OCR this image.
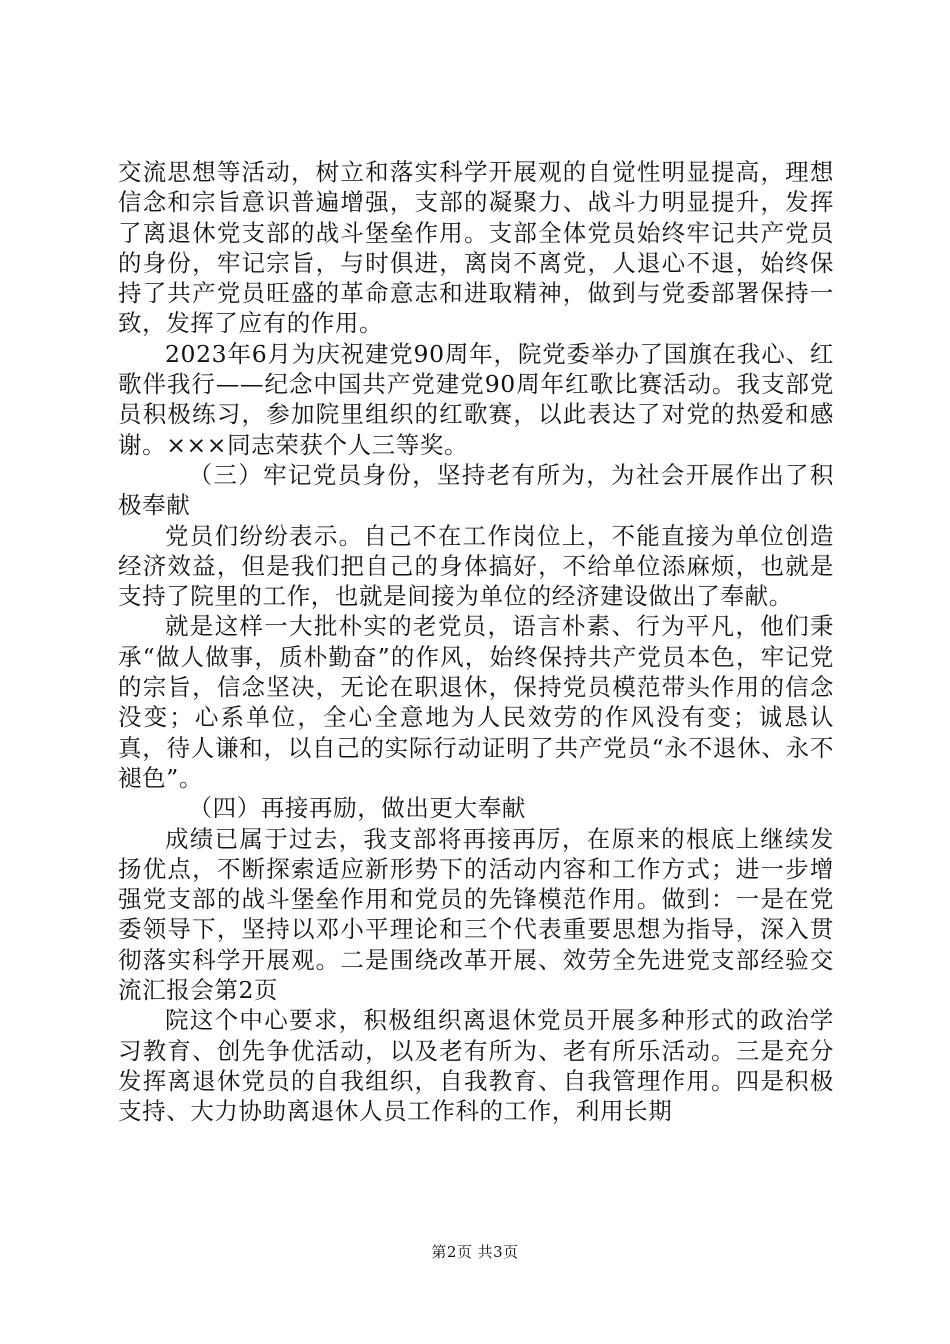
交流思想等活动，树立和落实科学开展观的自觉性明显提高，理想信念和宗旨意识普遍增强，支部的凝聚力、战斗力明显提升，发挥了离退休党支部的战斗堡垒作用。支部全体党员始终牢记共产党员的身份，牢记宗旨，与时俱进，离岗不离党，人退心不退，始终保持了共产党员旺盛的革命意志和进取精神，做到与党委部署保持一致，发挥了应有的作用。

2023年6月为庆祝建党90周年，院党委举办了国旗在我心、红歌伴我行——纪念中国共产党建党90周年红歌比赛活动。我支部党员积极练习，参加院里组织的红歌赛，以此表达了对党的热爱和感谢。×××同志荣获个人三等奖。

（三）牢记党员身份，坚持老有所为，为社会开展作出了积极奉献

党员们纷纷表示。自己不在工作岗位上，不能直接为单位创造经济效益，但是我们把自己的身体搞好，不给单位添麻烦，也就是支持了院里的工作，也就是间接为单位的经济建设做出了奉献。

就是这样一大批朴实的老党员，语言朴素、行为平凡，他们秉承“做人做事，质朴勤奋”的作风，始终保持共产党员本色，牢记党的宗旨，信念坚决，无论在职退休，保持党员模范带头作用的信念没变；心系单位，全心全意地为人民效劳的作风没有变；诚恳认真，待人谦和，以自己的实际行动证明了共产党员“永不退休、永不褪色”。

（四）再接再励，做出更大奉献

成绩已属于过去，我支部将再接再厉，在原来的根底上继续发扬优点，不断探索适应新形势下的活动内容和工作方式；进一步增强党支部的战斗堡垒作用和党员的先锋模范作用。做到：一是在党委领导下，坚持以邓小平理论和三个代表重要思想为指导，深入贯彻落实科学开展观。二是围绕改革开展、效劳全先进党支部经验交流汇报会第2页

院这个中心要求，积极组织离退休党员开展多种形式的政治学习教育、创先争优活动，以及老有所为、老有所乐活动。三是充分发挥离退休党员的自我组织，自我教育、自我管理作用。四是积极支持、大力协助离退休人员工作科的工作，利用长期

第2页 共3页
